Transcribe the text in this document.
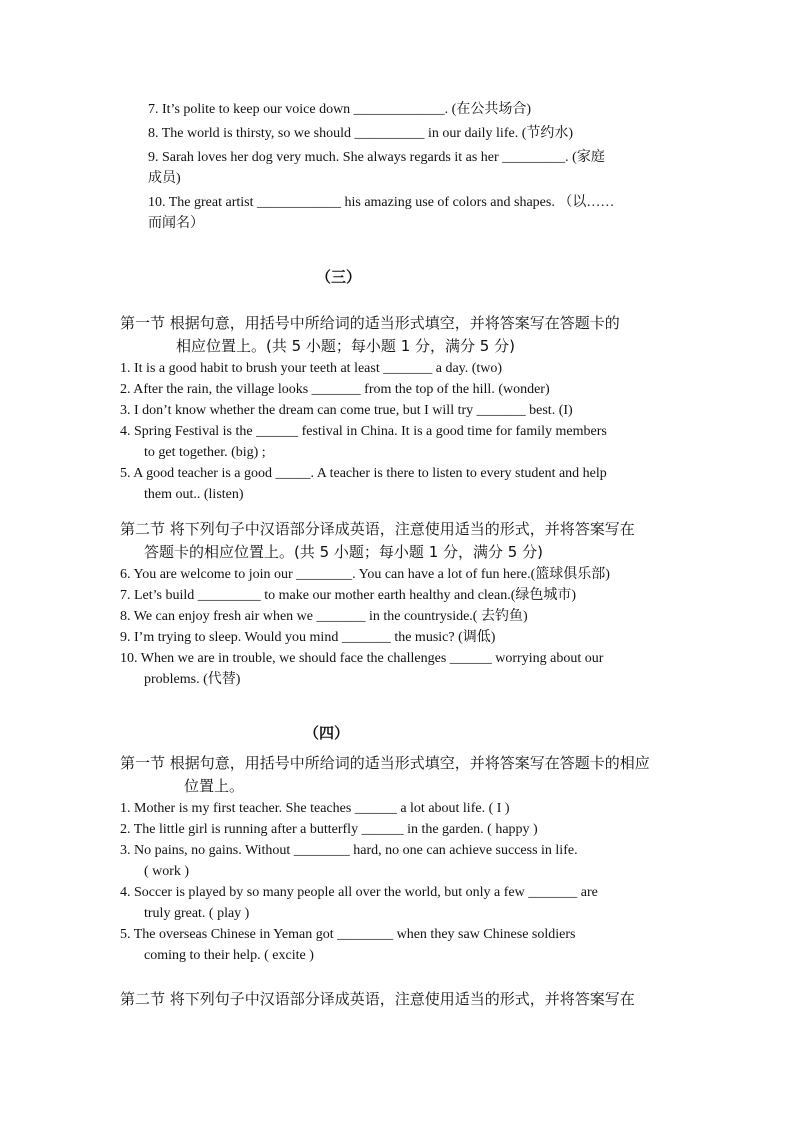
7. It’s polite to keep our voice down _____________. (在公共场合)
8. The world is thirsty, so we should __________ in our daily life. (节约水)
9. Sarah loves her dog very much. She always regards it as her _________. (家庭
成员)
10. The great artist ____________ his amazing use of colors and shapes. （以……
而闻名）
（三）
第一节 根据句意，用括号中所给词的适当形式填空，并将答案写在答题卡的
相应位置上。(共 5 小题；每小题 1 分，满分 5 分)
1. It is a good habit to brush your teeth at least _______ a day. (two)
2. After the rain, the village looks _______ from the top of the hill. (wonder)
3. I don’t know whether the dream can come true, but I will try _______ best. (I)
4. Spring Festival is the ______ festival in China. It is a good time for family members
to get together. (big) ;
5. A good teacher is a good _____. A teacher is there to listen to every student and help
them out.. (listen)
第二节 将下列句子中汉语部分译成英语，注意使用适当的形式，并将答案写在
答题卡的相应位置上。(共 5 小题；每小题 1 分，满分 5 分)
6. You are welcome to join our ________. You can have a lot of fun here.(篮球俱乐部)
7. Let’s build _________ to make our mother earth healthy and clean.(绿色城市)
8. We can enjoy fresh air when we _______ in the countryside.( 去钓鱼)
9. I’m trying to sleep. Would you mind _______ the music? (调低)
10. When we are in trouble, we should face the challenges ______ worrying about our
problems. (代替)
（四）
第一节 根据句意，用括号中所给词的适当形式填空，并将答案写在答题卡的相应
位置上。
1. Mother is my first teacher. She teaches ______ a lot about life. ( I )
2. The little girl is running after a butterfly ______ in the garden. ( happy )
3. No pains, no gains. Without ________ hard, no one can achieve success in life.
( work )
4. Soccer is played by so many people all over the world, but only a few _______ are
truly great. ( play )
5. The overseas Chinese in Yeman got ________ when they saw Chinese soldiers
coming to their help. ( excite )
第二节 将下列句子中汉语部分译成英语，注意使用适当的形式，并将答案写在
